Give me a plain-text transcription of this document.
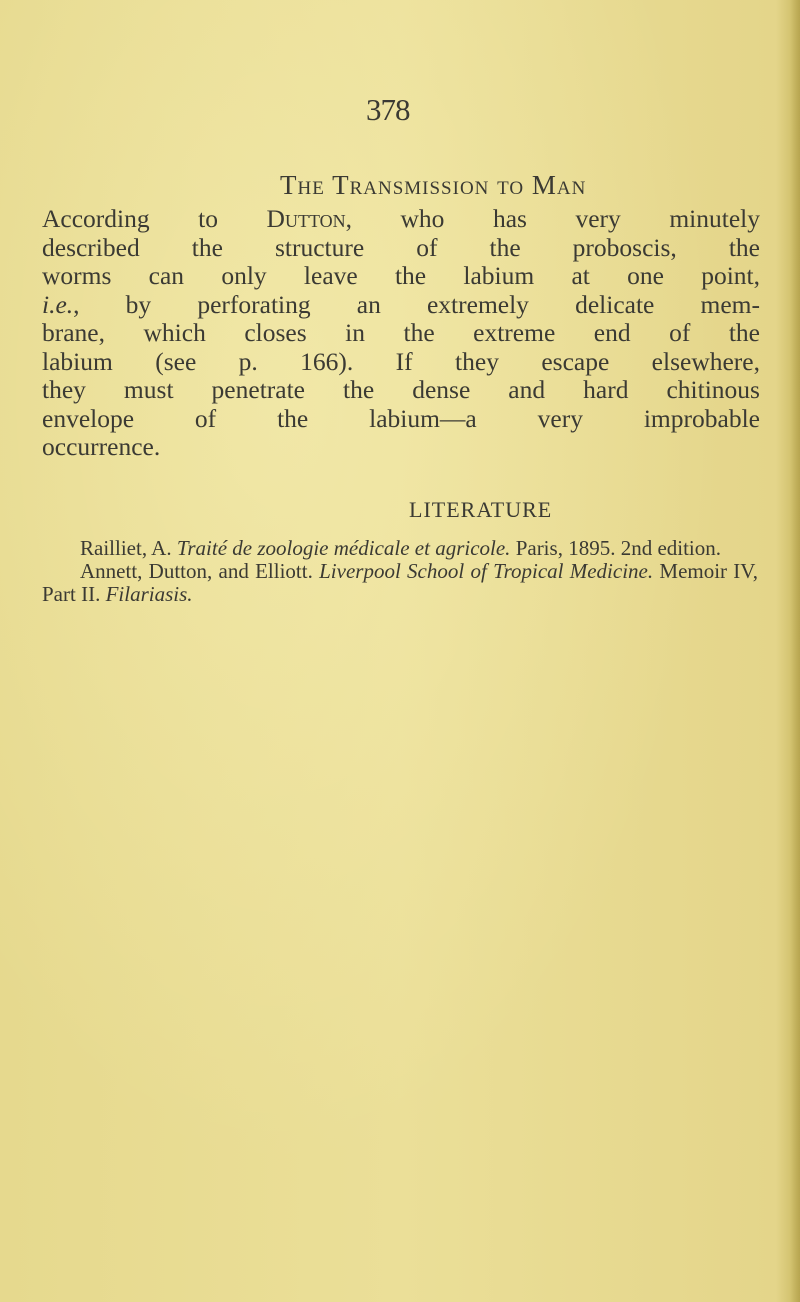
378
The Transmission to Man
According to Dutton, who has very minutely
described the structure of the proboscis, the
worms can only leave the labium at one point,
i.e., by perforating an extremely delicate mem-
brane, which closes in the extreme end of the
labium (see p. 166). If they escape elsewhere,
they must penetrate the dense and hard chitinous
envelope of the labium—a very improbable
occurrence.
LITERATURE

Railliet, A. Traité de zoologie médicale et agricole. Paris, 1895. 2nd edition.

Annett, Dutton, and Elliott. Liverpool School of Tropical Medicine. Memoir IV, Part II. Filariasis.
